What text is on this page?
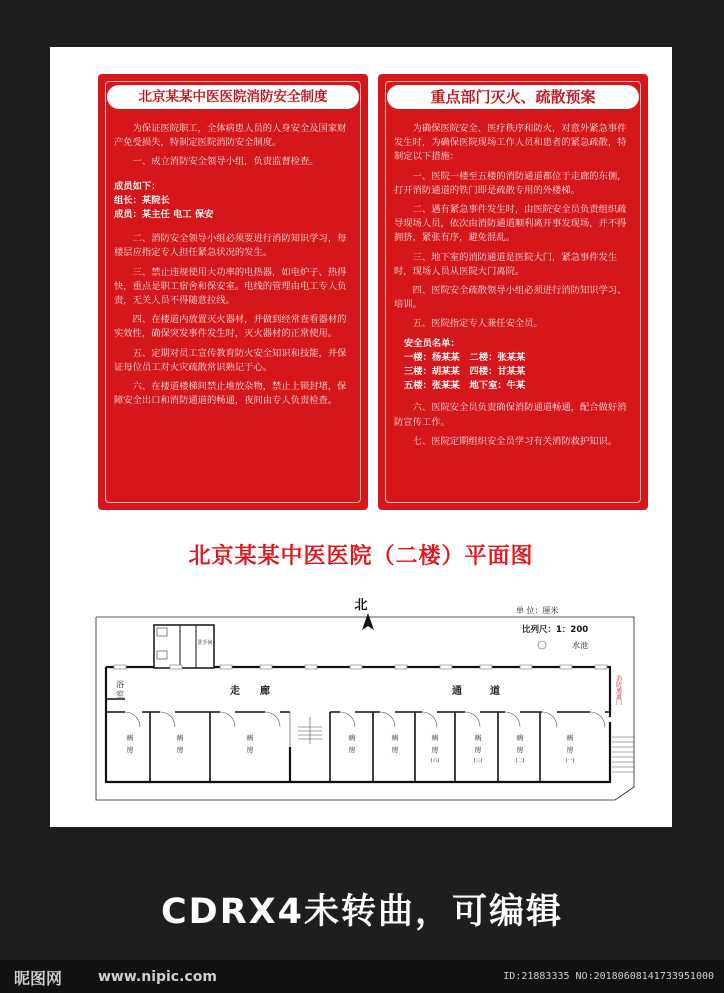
北京某某中医医院消防安全制度

为保证医院职工，全体病患人员的人身安全及国家财产免受损失，特制定医院消防安全制度。

一、成立消防安全领导小组，负责监督检查。

成员如下：

组长：某院长

成员：某主任 电工 保安

二、消防安全领导小组必须要进行消防知识学习，每楼层应指定专人担任紧急状况的发生。

三、禁止违规使用大功率的电热器，如电炉子、热得快，重点是职工宿舍和保安室。电线的管理由电工专人负责，无关人员不得随意拉线。

四、在楼道内放置灭火器材，并做到经常查看器材的实效性，确保突发事件发生时，灭火器材的正常使用。

五、定期对员工宣传教育防火安全知识和技能，并保证每位员工对火灾疏散常识熟记于心。

六、在楼道楼梯间禁止堆放杂物，禁止上锁封堵，保障安全出口和消防通道的畅通，夜间由专人负责检查。

重点部门灭火、疏散预案

为确保医院安全、医疗秩序和防火，对意外紧急事件发生时，为确保医院现场工作人员和患者的紧急疏散，特制定以下措施：

一、医院一楼至五楼的消防通道都位于走廊的东侧，打开消防通道的铁门即是疏散专用的外楼梯。

二、遇有紧急事件发生时，由医院安全员负责组织疏导现场人员，依次由消防通道顺利离开事发现场，并不得拥挤，紧张有序，避免混乱。

三、地下室的消防通道是医院大门，紧急事件发生时，现场人员从医院大门离院。

四、医院安全疏散领导小组必须进行消防知识学习、培训。

五、医院指定专人兼任安全员。

安全员名单：

一楼：杨某某   二楼：张某某

三楼：胡某某   四楼：甘某某

五楼：张某某   地下室：牛某

六、医院安全员负责确保消防通道畅通，配合做好消防宣传工作。

七、医院定期组织安全员学习有关消防救护知识。

北京某某中医医院（二楼）平面图
北	单 位：厘米
比列尺：1：200
水池
洗手间
浴
室	走 廊	通	道	消防通道门
病
房
病
房
病
房
病
房
病
房
病
房
(六)
病
房
(三)
病
房
(二)
病
房
(一)
CDRX4未转曲，可编辑
昵图网	www.nipic.com	ID:21883335 NO:20180608141733951000
